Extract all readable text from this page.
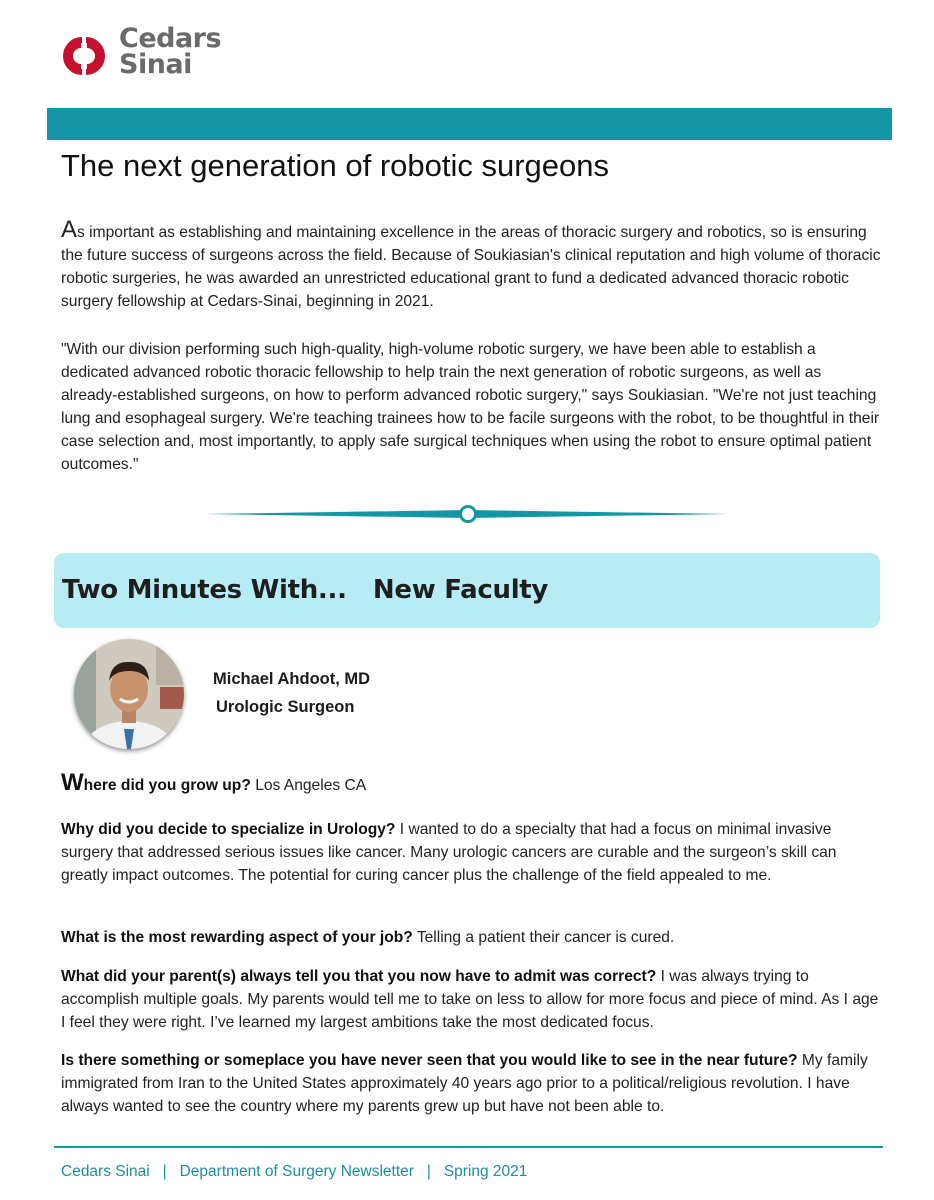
Cedars
Sinai
The next generation of robotic surgeons

As important as establishing and maintaining excellence in the areas of thoracic surgery and robotics, so is ensuring the future success of surgeons across the field. Because of Soukiasian's clinical reputation and high volume of thoracic robotic surgeries, he was awarded an unrestricted educational grant to fund a dedicated advanced thoracic robotic surgery fellowship at Cedars-Sinai, beginning in 2021.

"With our division performing such high-quality, high-volume robotic surgery, we have been able to establish a dedicated advanced robotic thoracic fellowship to help train the next generation of robotic surgeons, as well as already-established surgeons, on how to perform advanced robotic surgery," says Soukiasian. "We're not just teaching lung and esophageal surgery. We're teaching trainees how to be facile surgeons with the robot, to be thoughtful in their case selection and, most importantly, to apply safe surgical techniques when using the robot to ensure optimal patient outcomes."

Two Minutes With...   New Faculty

Michael Ahdoot, MD

Urologic Surgeon

Where did you grow up? Los Angeles CA

Why did you decide to specialize in Urology? I wanted to do a specialty that had a focus on minimal invasive surgery that addressed serious issues like cancer. Many urologic cancers are curable and the surgeon’s skill can greatly impact outcomes. The potential for curing cancer plus the challenge of the field appealed to me.

What is the most rewarding aspect of your job? Telling a patient their cancer is cured.

What did your parent(s) always tell you that you now have to admit was correct? I was always trying to accomplish multiple goals. My parents would tell me to take on less to allow for more focus and piece of mind. As I age I feel they were right. I’ve learned my largest ambitions take the most dedicated focus.

Is there something or someplace you have never seen that you would like to see in the near future? My family immigrated from Iran to the United States approximately 40 years ago prior to a political/religious revolution. I have always wanted to see the country where my parents grew up but have not been able to.

Cedars Sinai   |   Department of Surgery Newsletter   |   Spring 2021
